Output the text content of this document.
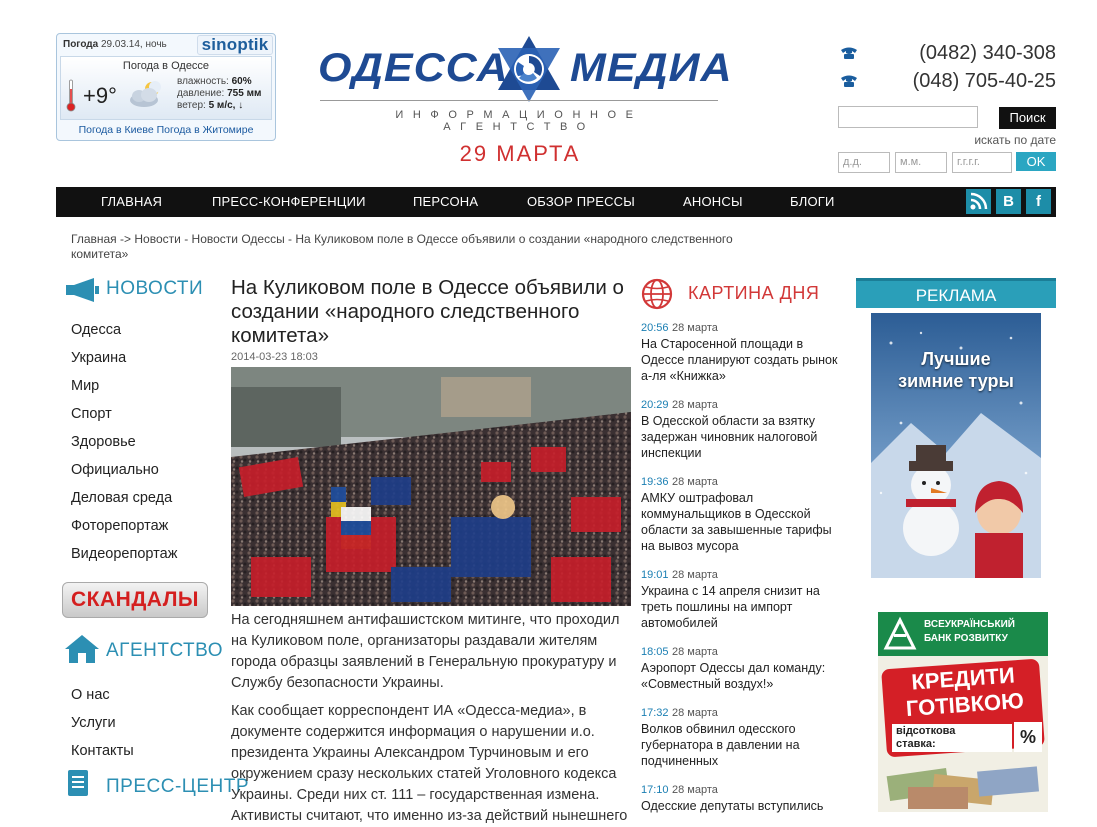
Погода 29.03.14, ночь sinoptik
Погода в Одессе
+9°
влажность: 60%
давление: 755 мм
ветер: 5 м/с, ↓
Погода в Киеве Погода в Житомире
ОДЕССА МЕДИА
ИНФОРМАЦИОННОЕ АГЕНТСТВО
29 МАРТА
(0482) 340-308
(048) 705-40-25
Поиск
искать по дате
д.д.	м.м.	г.г.г.г.	OK
ГЛАВНАЯ	ПРЕСС-КОНФЕРЕНЦИИ	ПЕРСОНА	ОБЗОР ПРЕССЫ	АНОНСЫ	БЛОГИ	В	f
Главная -> Новости - Новости Одессы - На Куликовом поле в Одессе объявили о создании «народного следственного комитета»
НОВОСТИ
Одесса
Украина
Мир
Спорт
Здоровье
Официально
Деловая среда
Фоторепортаж
Видеорепортаж
СКАНДАЛЫ
АГЕНТСТВО
О нас
Услуги
Контакты
ПРЕСС-ЦЕНТР
На Куликовом поле в Одессе объявили о создании «народного следственного комитета»
2014-03-23 18:03
На сегодняшнем антифашистском митинге, что проходил на Куликовом поле, организаторы раздавали жителям города образцы заявлений в Генеральную прокуратуру и Службу безопасности Украины.
Как сообщает корреспондент ИА «Одесса-медиа», в документе содержится информация о нарушении и.о. президента Украины Александром Турчиновым и его окружением сразу нескольких статей Уголовного кодекса Украины. Среди них ст. 111 – государственная измена. Активисты считают, что именно из-за действий нынешнего
КАРТИНА ДНЯ
20:56 28 марта
На Старосенной площади в Одессе планируют создать рынок а-ля «Книжка»
20:29 28 марта
В Одесской области за взятку задержан чиновник налоговой инспекции
19:36 28 марта
АМКУ оштрафовал коммунальщиков в Одесской области за завышенные тарифы на вывоз мусора
19:01 28 марта
Украина с 14 апреля снизит на треть пошлины на импорт автомобилей
18:05 28 марта
Аэропорт Одессы дал команду: «Совместный воздух!»
17:32 28 марта
Волков обвинил одесского губернатора в давлении на подчиненных
17:10 28 марта
Одесские депутаты вступились
РЕКЛАМА
Лучшие
зимние туры
ВСЕУКРАЇНСЬКИЙ
БАНК РОЗВИТКУ
КРЕДИТИ
ГОТІВКОЮ
відсоткова
ставка:	%
